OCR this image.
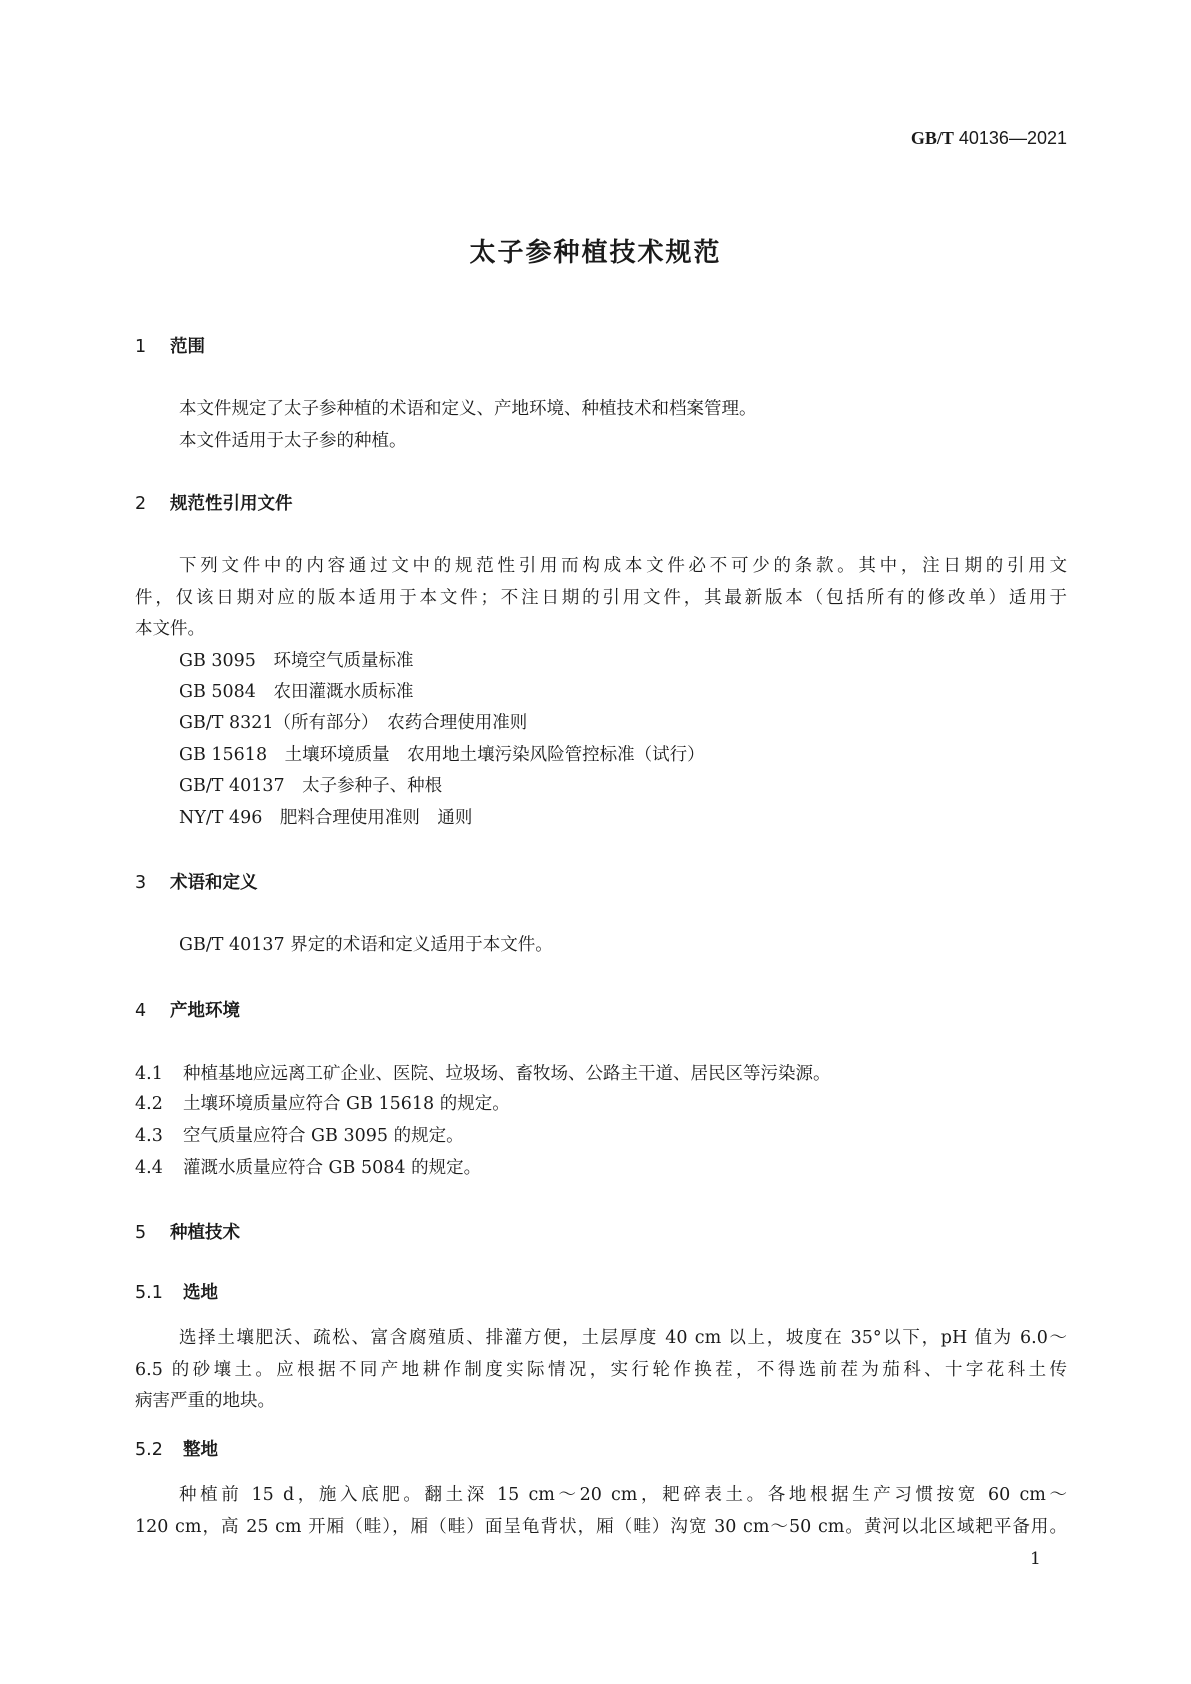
GB/T 40136—2021
太子参种植技术规范
1 范围
本文件规定了太子参种植的术语和定义、产地环境、种植技术和档案管理。
本文件适用于太子参的种植。
2 规范性引用文件
下列文件中的内容通过文中的规范性引用而构成本文件必不可少的条款。其中，注日期的引用文
件，仅该日期对应的版本适用于本文件；不注日期的引用文件，其最新版本（包括所有的修改单）适用于
本文件。
GB 3095　环境空气质量标准
GB 5084　农田灌溉水质标准
GB/T 8321（所有部分）　农药合理使用准则
GB 15618　土壤环境质量　农用地土壤污染风险管控标准（试行）
GB/T 40137　太子参种子、种根
NY/T 496　肥料合理使用准则　通则
3 术语和定义
GB/T 40137 界定的术语和定义适用于本文件。
4 产地环境
4.1 种植基地应远离工矿企业、医院、垃圾场、畜牧场、公路主干道、居民区等污染源。
4.2 土壤环境质量应符合 GB 15618 的规定。
4.3 空气质量应符合 GB 3095 的规定。
4.4 灌溉水质量应符合 GB 5084 的规定。
5 种植技术
5.1 选地
选择土壤肥沃、疏松、富含腐殖质、排灌方便，土层厚度 40 cm 以上，坡度在 35°以下，pH 值为 6.0～
6.5 的砂壤土。应根据不同产地耕作制度实际情况，实行轮作换茬，不得选前茬为茄科、十字花科土传
病害严重的地块。
5.2 整地
种植前 15 d，施入底肥。翻土深 15 cm～20 cm，耙碎表土。各地根据生产习惯按宽 60 cm～
120 cm，高 25 cm 开厢（畦），厢（畦）面呈龟背状，厢（畦）沟宽 30 cm～50 cm。黄河以北区域耙平备用。
1
